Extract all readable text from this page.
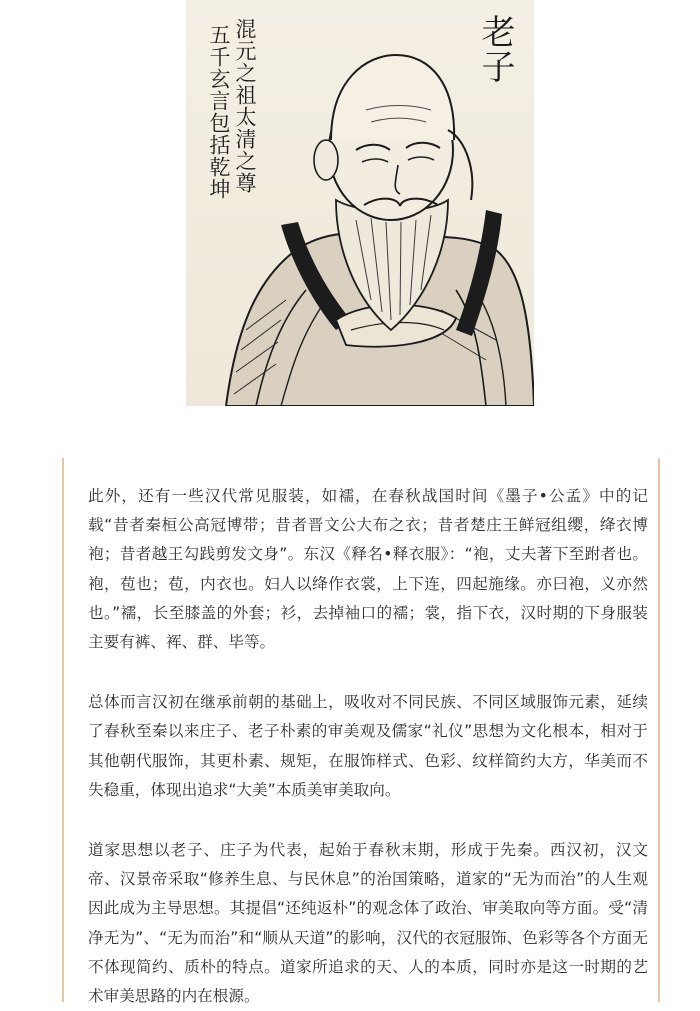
老子
混元之祖太清之尊
五千玄言包括乾坤

此外，还有一些汉代常见服装，如襦，在春秋战国时间《墨子•公孟》中的记载“昔者秦桓公高冠博带；昔者晋文公大布之衣；昔者楚庄王鲜冠组缨，绛衣博袍；昔者越王勾践剪发文身”。东汉《释名•释衣服》：“袍，丈夫著下至跗者也。袍，苞也；苞，内衣也。妇人以绛作衣裳，上下连，四起施缘。亦曰袍，义亦然也。”襦，长至膝盖的外套；衫，去掉袖口的襦；裳，指下衣，汉时期的下身服装主要有裤、裈、群、毕等。

总体而言汉初在继承前朝的基础上，吸收对不同民族、不同区域服饰元素，延续了春秋至秦以来庄子、老子朴素的审美观及儒家“礼仪”思想为文化根本，相对于其他朝代服饰，其更朴素、规矩，在服饰样式、色彩、纹样简约大方，华美而不失稳重，体现出追求“大美”本质美审美取向。

道家思想以老子、庄子为代表，起始于春秋末期，形成于先秦。西汉初，汉文帝、汉景帝采取“修养生息、与民休息”的治国策略，道家的“无为而治”的人生观因此成为主导思想。其提倡“还纯返朴”的观念体了政治、审美取向等方面。受“清净无为”、“无为而治”和“顺从天道”的影响，汉代的衣冠服饰、色彩等各个方面无不体现简约、质朴的特点。道家所追求的天、人的本质，同时亦是这一时期的艺术审美思路的内在根源。
